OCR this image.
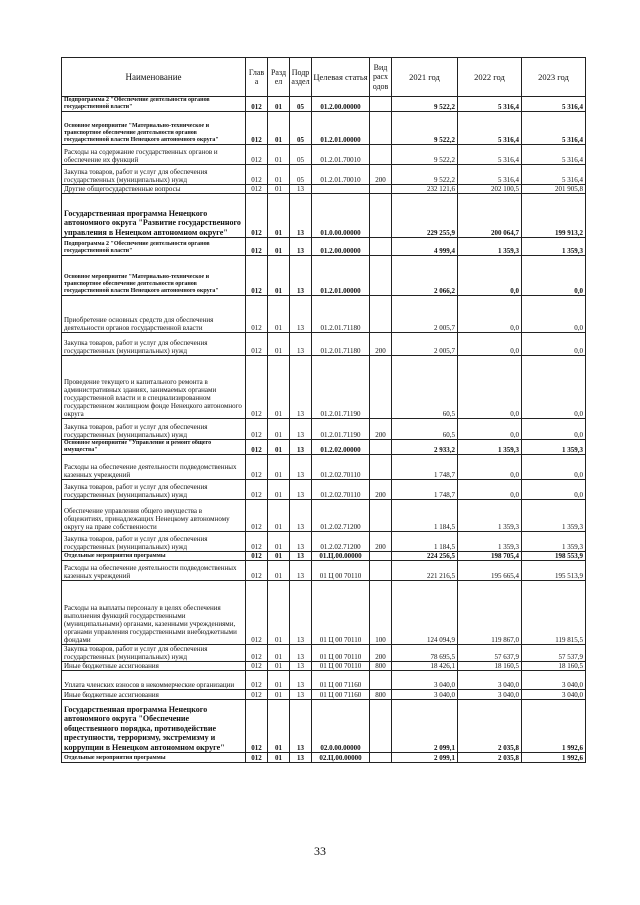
Наименование	Глав а	Разд ел	Подр аздел	Целевая статья	Вид расх одов	2021 год	2022 год	2023 год
Подпрограмма 2 "Обеспечение деятельности органов государственной власти"	012	01	05	01.2.00.00000		9 522,2	5 316,4	5 316,4
Основное мероприятие "Материально-техническое и транспортное обеспечение деятельности органов государственной власти Ненецкого автономного округа"	012	01	05	01.2.01.00000		9 522,2	5 316,4	5 316,4
Расходы на содержание государственных органов и обеспечение их функций	012	01	05	01.2.01.70010		9 522,2	5 316,4	5 316,4
Закупка товаров, работ и услуг для обеспечения государственных (муниципальных) нужд	012	01	05	01.2.01.70010	200	9 522,2	5 316,4	5 316,4
Другие общегосударственные вопросы	012	01	13			232 121,6	202 100,5	201 905,8
Государственная программа Ненецкого автономного округа "Развитие государственного управления в Ненецком автономном округе"	012	01	13	01.0.00.00000		229 255,9	200 064,7	199 913,2
Подпрограмма 2 "Обеспечение деятельности органов государственной власти"	012	01	13	01.2.00.00000		4 999,4	1 359,3	1 359,3
Основное мероприятие "Материально-техническое и транспортное обеспечение деятельности органов государственной власти Ненецкого автономного округа"	012	01	13	01.2.01.00000		2 066,2	0,0	0,0
Приобретение основных средств для обеспечения деятельности органов государственной власти	012	01	13	01.2.01.71180		2 005,7	0,0	0,0
Закупка товаров, работ и услуг для обеспечения государственных (муниципальных) нужд	012	01	13	01.2.01.71180	200	2 005,7	0,0	0,0
Проведение текущего и капитального ремонта в административных зданиях, занимаемых органами государственной власти и в специализированном государственном жилищном фонде Ненецкого автономного округа	012	01	13	01.2.01.71190		60,5	0,0	0,0
Закупка товаров, работ и услуг для обеспечения государственных (муниципальных) нужд	012	01	13	01.2.01.71190	200	60,5	0,0	0,0
Основное мероприятие "Управление и ремонт общего имущества"	012	01	13	01.2.02.00000		2 933,2	1 359,3	1 359,3
Расходы на обеспечение деятельности подведомственных казенных учреждений	012	01	13	01.2.02.70110		1 748,7	0,0	0,0
Закупка товаров, работ и услуг для обеспечения государственных (муниципальных) нужд	012	01	13	01.2.02.70110	200	1 748,7	0,0	0,0
Обеспечение управления общего имущества в общежитиях, принадлежащих Ненецкому автономному округу на праве собственности	012	01	13	01.2.02.71200		1 184,5	1 359,3	1 359,3
Закупка товаров, работ и услуг для обеспечения государственных (муниципальных) нужд	012	01	13	01.2.02.71200	200	1 184,5	1 359,3	1 359,3
Отдельные мероприятия программы	012	01	13	01.Ц.00.00000		224 256,5	198 705,4	198 553,9
Расходы на обеспечение деятельности подведомственных казенных учреждений	012	01	13	01 Ц 00 70110		221 216,5	195 665,4	195 513,9
Расходы на выплаты персоналу в целях обеспечения выполнения функций государственными (муниципальными) органами, казенными учреждениями, органами управления государственными внебюджетными фондами	012	01	13	01 Ц 00 70110	100	124 094,9	119 867,0	119 815,5
Закупка товаров, работ и услуг для обеспечения государственных (муниципальных) нужд	012	01	13	01 Ц 00 70110	200	78 695,5	57 637,9	57 537,9
Иные бюджетные ассигнования	012	01	13	01 Ц 00 70110	800	18 426,1	18 160,5	18 160,5
Уплата членских взносов в некоммерческие организации	012	01	13	01 Ц 00 71160		3 040,0	3 040,0	3 040,0
Иные бюджетные ассигнования	012	01	13	01 Ц 00 71160	800	3 040,0	3 040,0	3 040,0
Государственная программа Ненецкого автономного округа "Обеспечение общественного порядка, противодействие преступности, терроризму, экстремизму и коррупции в Ненецком автономном округе"	012	01	13	02.0.00.00000		2 099,1	2 035,8	1 992,6
Отдельные мероприятия программы	012	01	13	02.Ц.00.00000		2 099,1	2 035,8	1 992,6
33
